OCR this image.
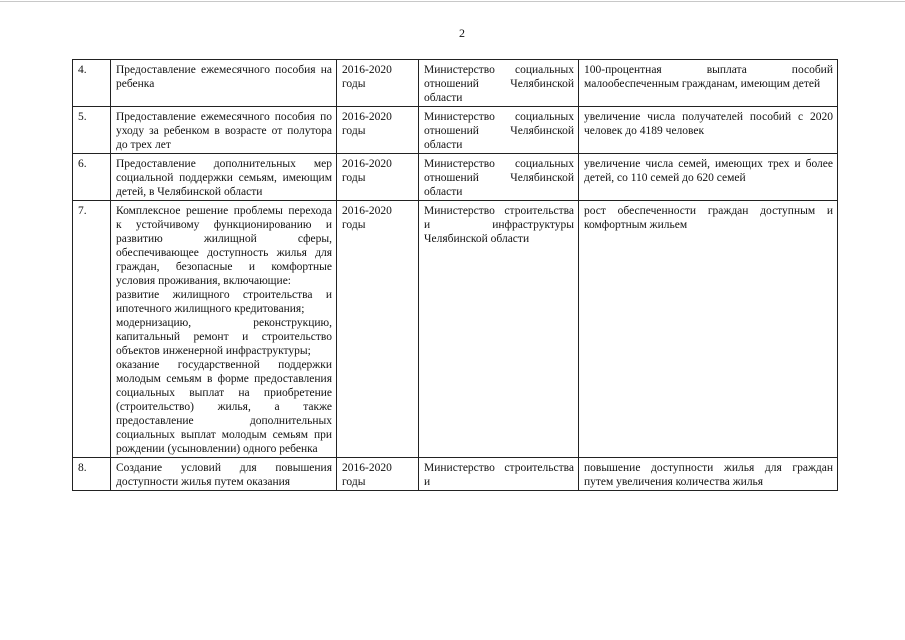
2
4.	Предоставление ежемесячного пособия на ребенка	2016-2020 годы	Министерство социальных отношений Челябинской области	100-процентная выплата пособий малообеспеченным гражданам, имеющим детей
5.	Предоставление ежемесячного пособия по уходу за ребенком в возрасте от полутора до трех лет	2016-2020 годы	Министерство социальных отношений Челябинской области	увеличение числа получателей пособий с 2020 человек до 4189 человек
6.	Предоставление дополнительных мер социальной поддержки семьям, имеющим детей, в Челябинской области	2016-2020 годы	Министерство социальных отношений Челябинской области	увеличение числа семей, имеющих трех и более детей, со 110 семей до 620 семей
7.	Комплексное решение проблемы перехода к устойчивому функционированию и развитию жилищной сферы, обеспечивающее доступность жилья для граждан, безопасные и комфортные условия проживания, включающие:
развитие жилищного строительства и ипотечного жилищного кредитования;
модернизацию, реконструкцию, капитальный ремонт и строительство объектов инженерной инфраструктуры;
оказание государственной поддержки молодым семьям в форме предоставления социальных выплат на приобретение (строительство) жилья, а также предоставление дополнительных социальных выплат молодым семьям при рождении (усыновлении) одного ребенка	2016-2020 годы	Министерство строительства и инфраструктуры Челябинской области	рост обеспеченности граждан доступным и комфортным жильем
8.	Создание условий для повышения доступности жилья путем оказания	2016-2020 годы	Министерство строительства и	повышение доступности жилья для граждан путем увеличения количества жилья
